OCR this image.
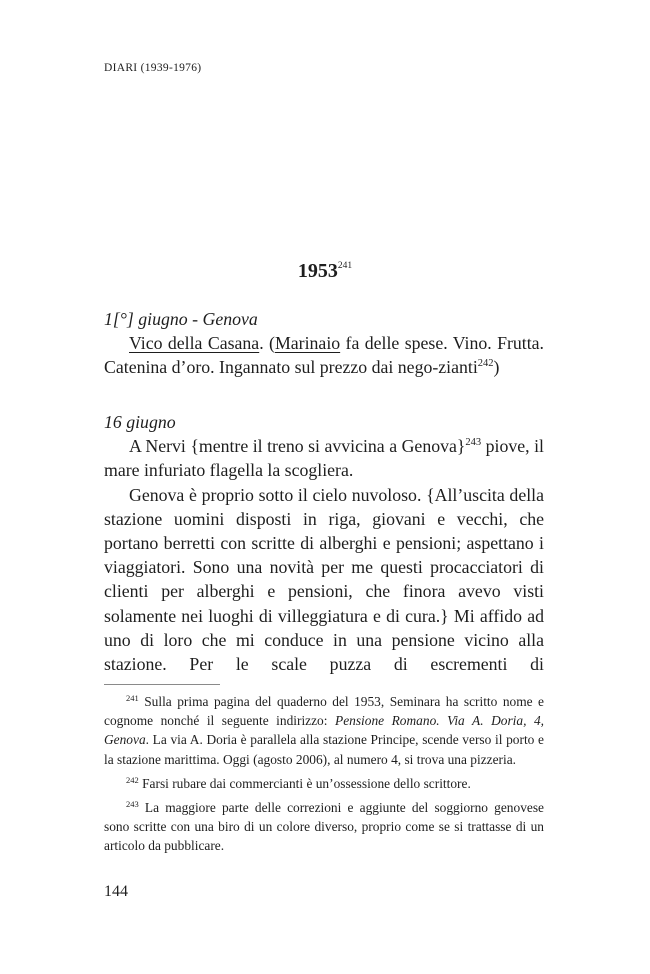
DIARI (1939-1976)
1953$^{241}$

1[°] giugno - Genova

Vico della Casana. (Marinaio fa delle spese. Vino. Frutta. Catenina d’oro. Ingannato sul prezzo dai nego-zianti$^{242}$)

16 giugno

A Nervi {mentre il treno si avvicina a Genova}$^{243}$ piove, il mare infuriato flagella la scogliera.

Genova è proprio sotto il cielo nuvoloso. {All’uscita della stazione uomini disposti in riga, giovani e vecchi, che portano berretti con scritte di alberghi e pensioni; aspettano i viaggiatori. Sono una novità per me questi procacciatori di clienti per alberghi e pensioni, che finora avevo visti solamente nei luoghi di villeggiatura e di cura.} Mi affido ad uno di loro che mi conduce in una pensione vicino alla stazione. Per le scale puzza di escrementi di

$^{241}$ Sulla prima pagina del quaderno del 1953, Seminara ha scritto nome e cognome nonché il seguente indirizzo: Pensione Romano. Via A. Doria, 4, Genova. La via A. Doria è parallela alla stazione Principe, scende verso il porto e la stazione marittima. Oggi (agosto 2006), al numero 4, si trova una pizzeria.

$^{242}$ Farsi rubare dai commercianti è un’ossessione dello scrittore.

$^{243}$ La maggiore parte delle correzioni e aggiunte del soggiorno genovese sono scritte con una biro di un colore diverso, proprio come se si trattasse di un articolo da pubblicare.

144
